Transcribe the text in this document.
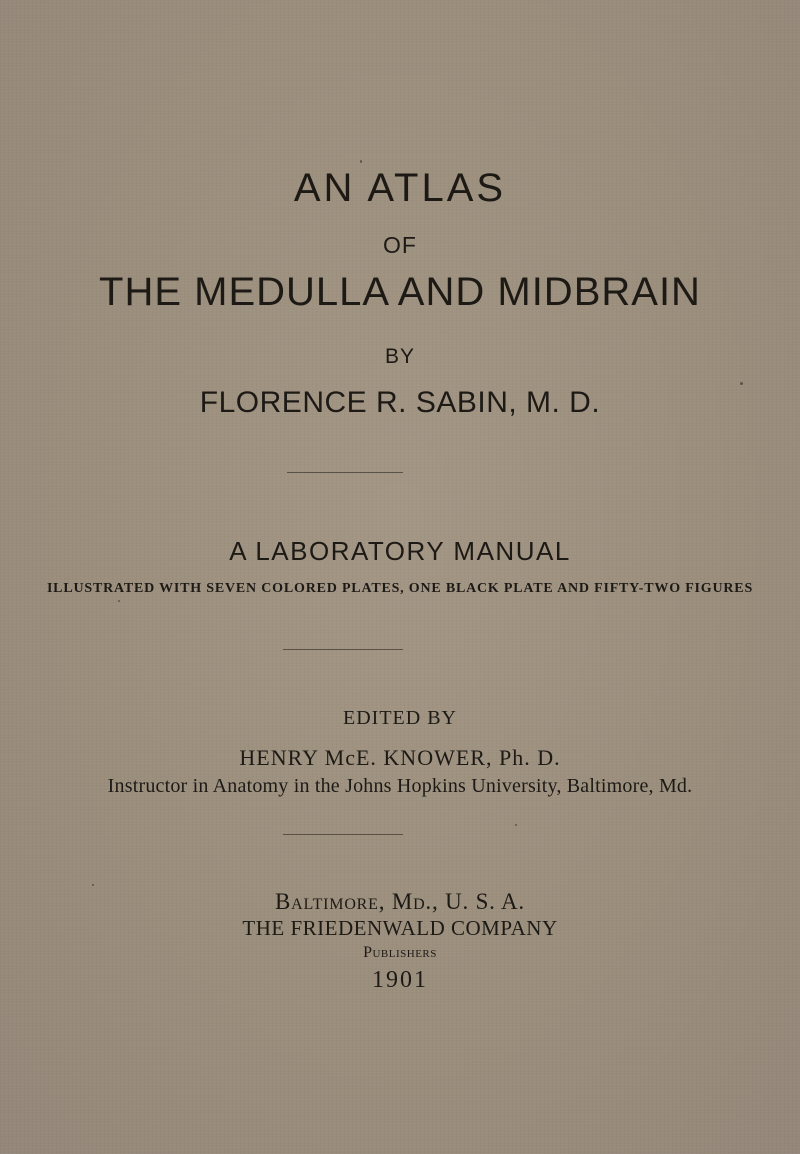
AN ATLAS

OF

THE MEDULLA AND MIDBRAIN

BY

FLORENCE R. SABIN, M. D.

A LABORATORY MANUAL

ILLUSTRATED WITH SEVEN COLORED PLATES, ONE BLACK PLATE AND FIFTY-TWO FIGURES

EDITED BY

HENRY McE. KNOWER, Ph. D.

Instructor in Anatomy in the Johns Hopkins University, Baltimore, Md.

Baltimore, Md., U. S. A.

THE FRIEDENWALD COMPANY

Publishers

1901
